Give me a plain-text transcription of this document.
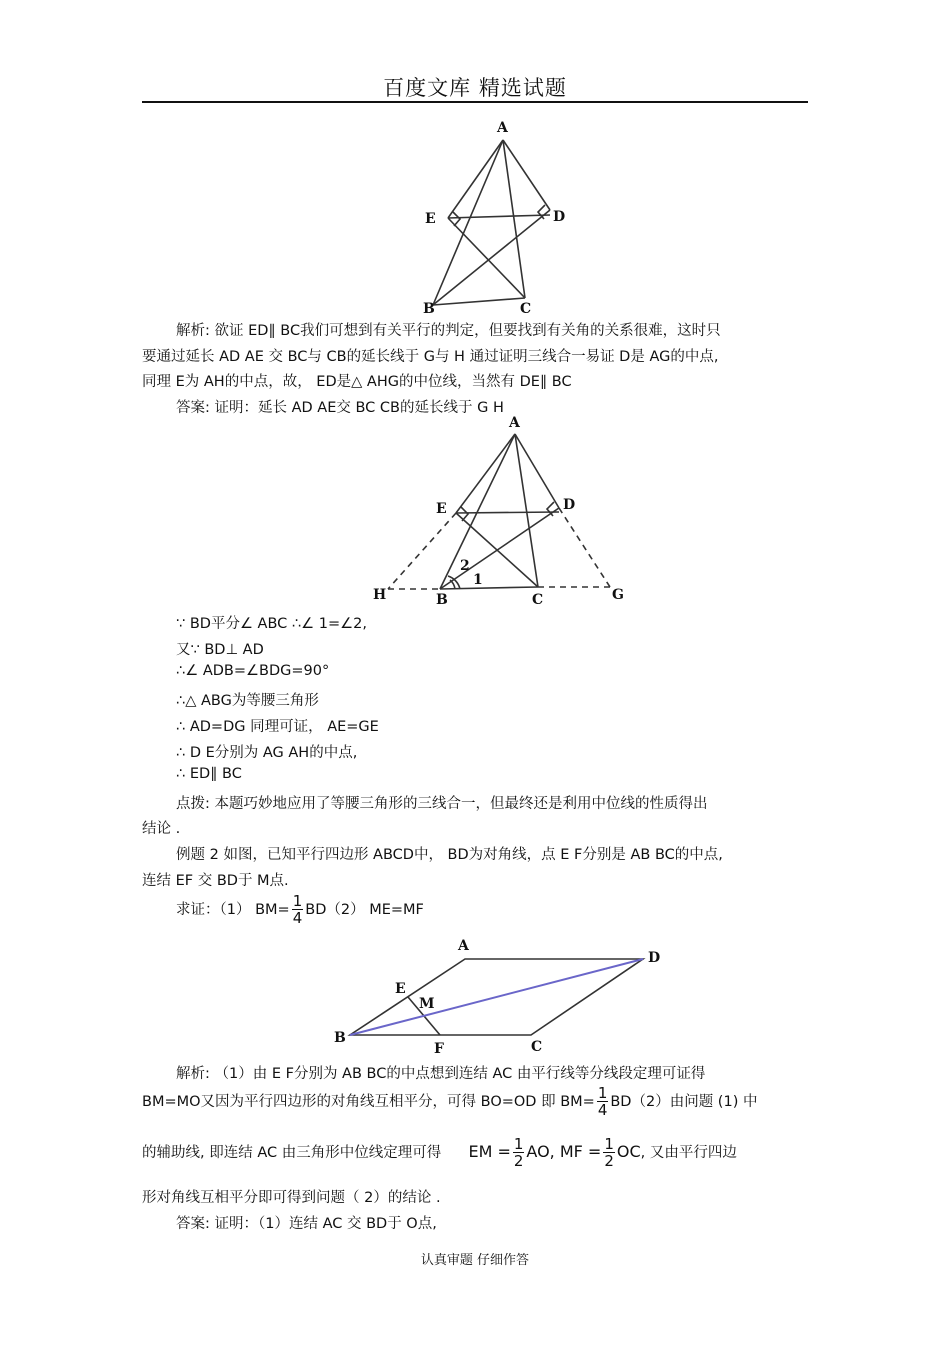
百度文库 精选试题
A
E	D
B	C
解析: 欲证 ED∥ BC我们可想到有关平行的判定，但要找到有关角的关系很难，这时只
要通过延长 AD AE 交 BC与 CB的延长线于 G与 H 通过证明三线合一易证 D是 AG的中点,
同理 E为 AH的中点，故， ED是△ AHG的中位线，当然有 DE∥ BC
答案: 证明：延长 AD AE交 BC CB的延长线于 G H
A
E	D
H	B	C	G
1
2
∵ BD平分∠ ABC ∴∠ 1=∠2,
又∵ BD⊥ AD
∴∠ ADB=∠BDG=90°
∴△ ABG为等腰三角形
∴ AD=DG 同理可证， AE=GE
∴ D E分别为 AG AH的中点,
∴ ED∥ BC
点拨: 本题巧妙地应用了等腰三角形的三线合一，但最终还是利用中位线的性质得出
结论 .
例题 2 如图，已知平行四边形 ABCD中， BD为对角线，点 E F分别是 AB BC的中点,
连结 EF 交 BD于 M点.
求证：（1） $BM= \frac{1}{4} BD(2)$ ME=MF
A
D
E
M
B
F	C
解析: （1）由 E F分别为 AB BC的中点想到连结 AC 由平行线等分线段定理可证得
BM=MO又因为平行四边形的对角线互相平分，可得 BO=OD 即 $BM= \frac{1}{4} BD(2)$由问题 (1) 中
的辅助线, 即连结 AC 由三角形中位线定理可得 EM = $\frac{1}{2}$ AO, MF = $\frac{1}{2}$ OC, 又由平行四边
形对角线互相平分即可得到问题（ 2）的结论 .
答案: 证明：（1）连结 AC 交 BD于 O点,
认真审题 仔细作答
